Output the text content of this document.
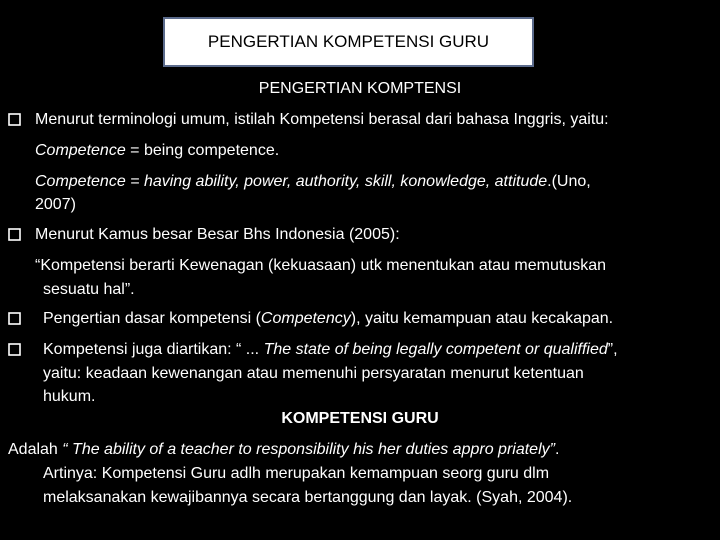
PENGERTIAN KOMPETENSI GURU
PENGERTIAN KOMPTENSI
Menurut terminologi umum, istilah Kompetensi berasal dari bahasa Inggris, yaitu:
Competence = being competence.
Competence = having ability, power, authority, skill, konowledge, attitude.(Uno,
2007)
Menurut Kamus besar Besar Bhs Indonesia (2005):
“Kompetensi berarti Kewenagan (kekuasaan) utk menentukan atau memutuskan
sesuatu hal”.
Pengertian dasar kompetensi (Competency), yaitu kemampuan atau kecakapan.
Kompetensi juga diartikan: “ ... The state of being legally competent or qualiffied”,
yaitu: keadaan kewenangan atau memenuhi persyaratan menurut ketentuan
hukum.
KOMPETENSI GURU
Adalah “ The ability of a teacher to responsibility his her duties appro priately”.
Artinya: Kompetensi Guru adlh merupakan kemampuan seorg guru dlm
melaksanakan kewajibannya secara bertanggung dan layak. (Syah, 2004).
